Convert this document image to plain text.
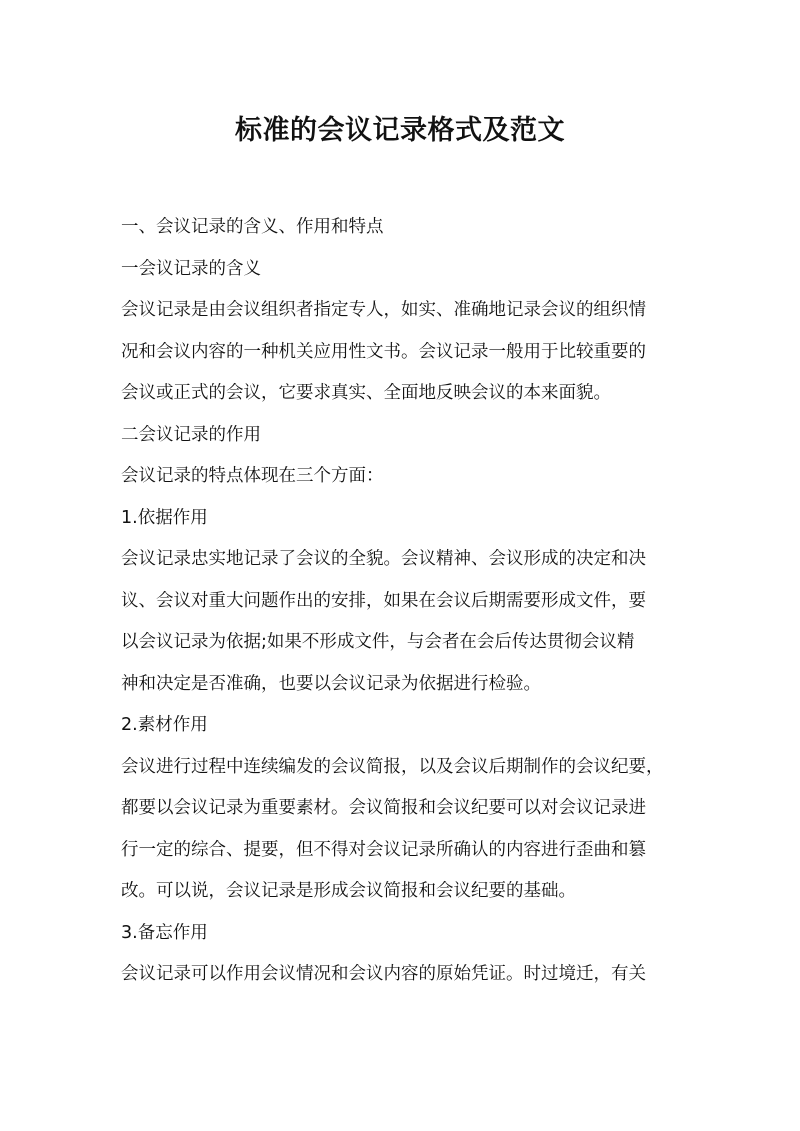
标准的会议记录格式及范文

一、会议记录的含义、作用和特点

一会议记录的含义

会议记录是由会议组织者指定专人，如实、准确地记录会议的组织情

况和会议内容的一种机关应用性文书。会议记录一般用于比较重要的

会议或正式的会议，它要求真实、全面地反映会议的本来面貌。

二会议记录的作用

会议记录的特点体现在三个方面：

1.依据作用

会议记录忠实地记录了会议的全貌。会议精神、会议形成的决定和决

议、会议对重大问题作出的安排，如果在会议后期需要形成文件，要

以会议记录为依据;如果不形成文件，与会者在会后传达贯彻会议精

神和决定是否准确，也要以会议记录为依据进行检验。

2.素材作用

会议进行过程中连续编发的会议简报，以及会议后期制作的会议纪要，

都要以会议记录为重要素材。会议简报和会议纪要可以对会议记录进

行一定的综合、提要，但不得对会议记录所确认的内容进行歪曲和篡

改。可以说，会议记录是形成会议简报和会议纪要的基础。

3.备忘作用

会议记录可以作用会议情况和会议内容的原始凭证。时过境迁，有关
